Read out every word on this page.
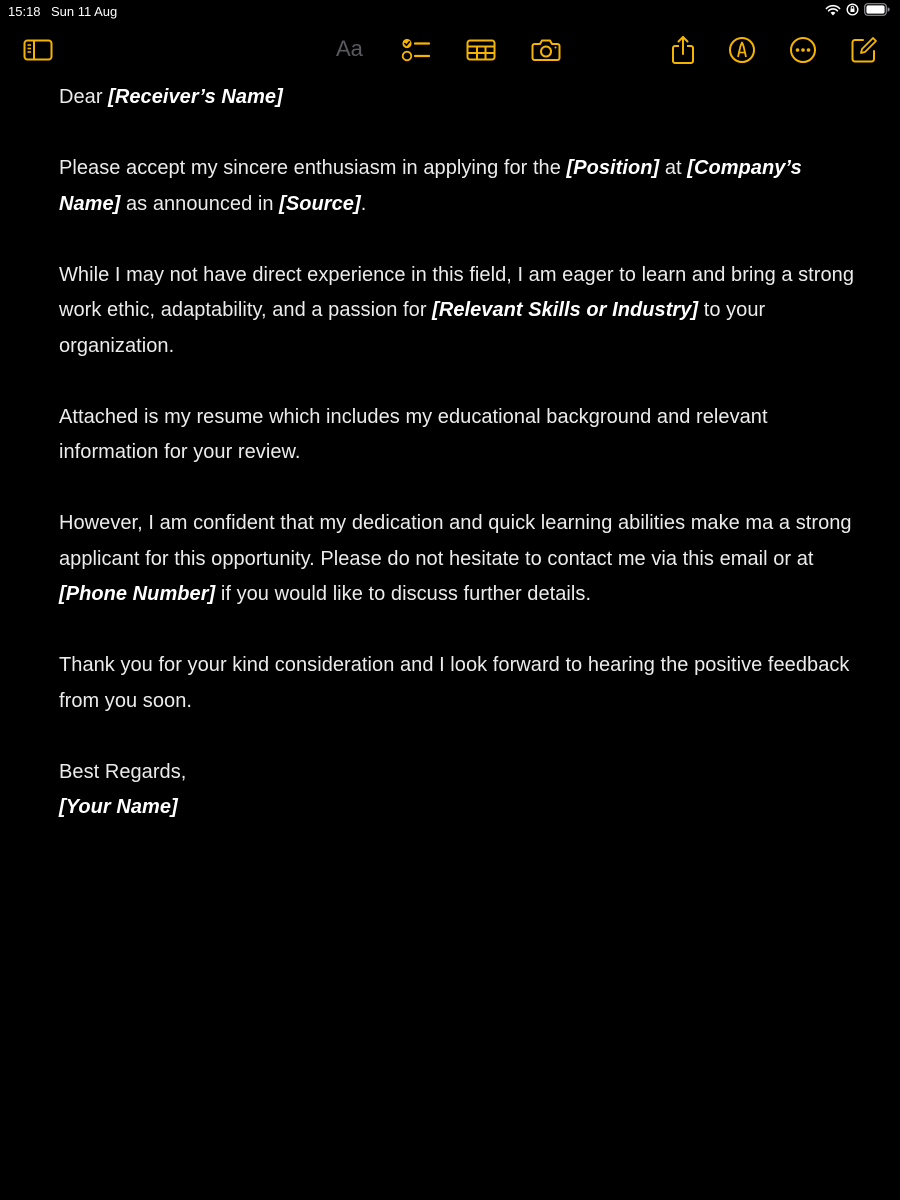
15:18 Sun 11 Aug
Aa

Dear [Receiver’s Name]

Please accept my sincere enthusiasm in applying for the [Position] at [Company’s Name] as announced in [Source].

While I may not have direct experience in this field, I am eager to learn and bring a strong work ethic, adaptability, and a passion for [Relevant Skills or Industry] to your organization.

Attached is my resume which includes my educational background and relevant information for your review.

However, I am confident that my dedication and quick learning abilities make ma a strong applicant for this opportunity. Please do not hesitate to contact me via this email or at [Phone Number] if you would like to discuss further details.

Thank you for your kind consideration and I look forward to hearing the positive feedback from you soon.

Best Regards,
[Your Name]
